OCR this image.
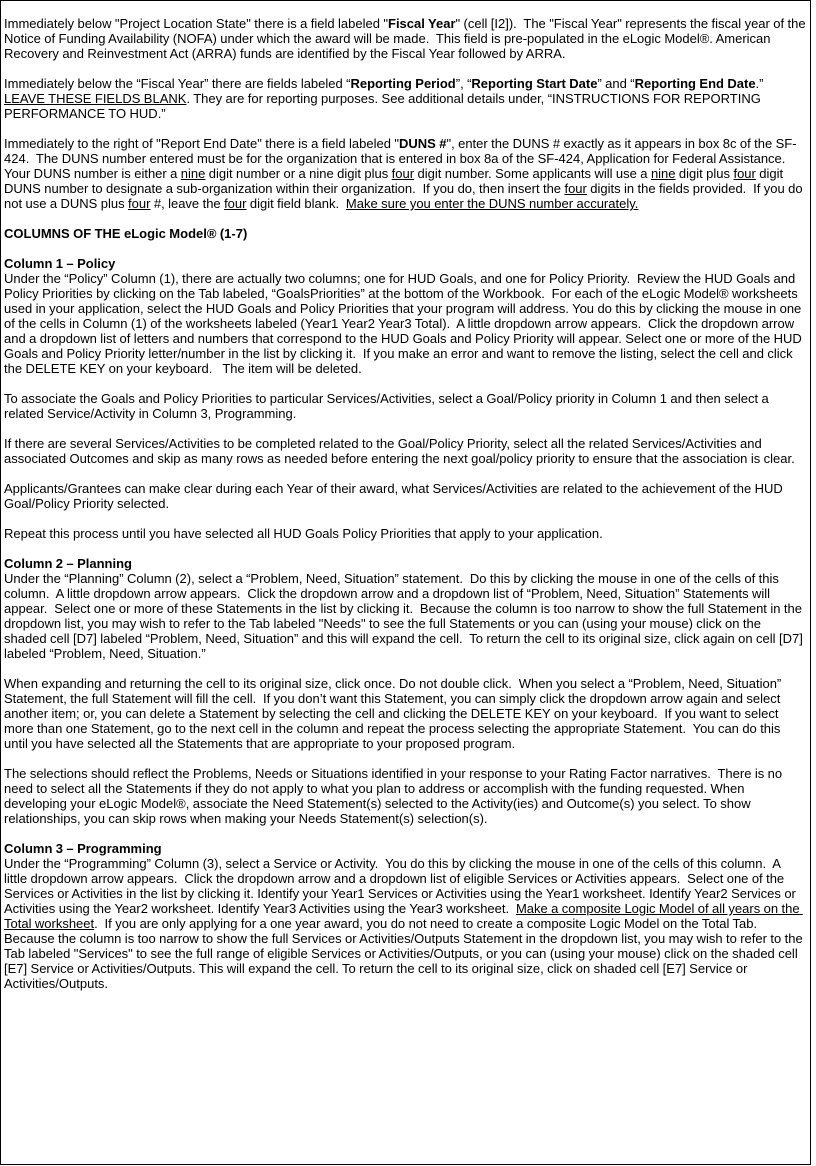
Immediately below "Project Location State" there is a field labeled "Fiscal Year" (cell [I2]).  The "Fiscal Year" represents the fiscal year of the Notice of Funding Availability (NOFA) under which the award will be made.  This field is pre-populated in the eLogic Model®. American Recovery and Reinvestment Act (ARRA) funds are identified by the Fiscal Year followed by ARRA.

Immediately below the “Fiscal Year” there are fields labeled “Reporting Period”, “Reporting Start Date” and “Reporting End Date.” LEAVE THESE FIELDS BLANK. They are for reporting purposes. See additional details under, “INSTRUCTIONS FOR REPORTING PERFORMANCE TO HUD.”

Immediately to the right of "Report End Date" there is a field labeled "DUNS #", enter the DUNS # exactly as it appears in box 8c of the SF-424.  The DUNS number entered must be for the organization that is entered in box 8a of the SF-424, Application for Federal Assistance.  Your DUNS number is either a nine digit number or a nine digit plus four digit number. Some applicants will use a nine digit plus four digit DUNS number to designate a sub-organization within their organization.  If you do, then insert the four digits in the fields provided.  If you do not use a DUNS plus four #, leave the four digit field blank.  Make sure you enter the DUNS number accurately.

COLUMNS OF THE eLogic Model® (1-7)

Column 1 – Policy

Under the “Policy” Column (1), there are actually two columns; one for HUD Goals, and one for Policy Priority.  Review the HUD Goals and Policy Priorities by clicking on the Tab labeled, “GoalsPriorities” at the bottom of the Workbook.  For each of the eLogic Model® worksheets used in your application, select the HUD Goals and Policy Priorities that your program will address. You do this by clicking the mouse in one of the cells in Column (1) of the worksheets labeled (Year1 Year2 Year3 Total).  A little dropdown arrow appears.  Click the dropdown arrow and a dropdown list of letters and numbers that correspond to the HUD Goals and Policy Priority will appear. Select one or more of the HUD Goals and Policy Priority letter/number in the list by clicking it.  If you make an error and want to remove the listing, select the cell and click the DELETE KEY on your keyboard.   The item will be deleted.

To associate the Goals and Policy Priorities to particular Services/Activities, select a Goal/Policy priority in Column 1 and then select a related Service/Activity in Column 3, Programming.

If there are several Services/Activities to be completed related to the Goal/Policy Priority, select all the related Services/Activities and associated Outcomes and skip as many rows as needed before entering the next goal/policy priority to ensure that the association is clear.

Applicants/Grantees can make clear during each Year of their award, what Services/Activities are related to the achievement of the HUD Goal/Policy Priority selected.

Repeat this process until you have selected all HUD Goals Policy Priorities that apply to your application.

Column 2 – Planning

Under the “Planning” Column (2), select a “Problem, Need, Situation” statement.  Do this by clicking the mouse in one of the cells of this column.  A little dropdown arrow appears.  Click the dropdown arrow and a dropdown list of “Problem, Need, Situation” Statements will appear.  Select one or more of these Statements in the list by clicking it.  Because the column is too narrow to show the full Statement in the dropdown list, you may wish to refer to the Tab labeled "Needs" to see the full Statements or you can (using your mouse) click on the shaded cell [D7] labeled “Problem, Need, Situation” and this will expand the cell.  To return the cell to its original size, click again on cell [D7] labeled “Problem, Need, Situation.”

When expanding and returning the cell to its original size, click once. Do not double click.  When you select a “Problem, Need, Situation” Statement, the full Statement will fill the cell.  If you don’t want this Statement, you can simply click the dropdown arrow again and select another item; or, you can delete a Statement by selecting the cell and clicking the DELETE KEY on your keyboard.  If you want to select more than one Statement, go to the next cell in the column and repeat the process selecting the appropriate Statement.  You can do this until you have selected all the Statements that are appropriate to your proposed program.

The selections should reflect the Problems, Needs or Situations identified in your response to your Rating Factor narratives.  There is no need to select all the Statements if they do not apply to what you plan to address or accomplish with the funding requested. When developing your eLogic Model®, associate the Need Statement(s) selected to the Activity(ies) and Outcome(s) you select. To show relationships, you can skip rows when making your Needs Statement(s) selection(s).

Column 3 – Programming

Under the “Programming” Column (3), select a Service or Activity.  You do this by clicking the mouse in one of the cells of this column.  A little dropdown arrow appears.  Click the dropdown arrow and a dropdown list of eligible Services or Activities appears.  Select one of the Services or Activities in the list by clicking it. Identify your Year1 Services or Activities using the Year1 worksheet. Identify Year2 Services or Activities using the Year2 worksheet. Identify Year3 Activities using the Year3 worksheet.  Make a composite Logic Model of all years on the Total worksheet.  If you are only applying for a one year award, you do not need to create a composite Logic Model on the Total Tab.  Because the column is too narrow to show the full Services or Activities/Outputs Statement in the dropdown list, you may wish to refer to the Tab labeled "Services" to see the full range of eligible Services or Activities/Outputs, or you can (using your mouse) click on the shaded cell [E7] Service or Activities/Outputs. This will expand the cell. To return the cell to its original size, click on shaded cell [E7] Service or Activities/Outputs.
